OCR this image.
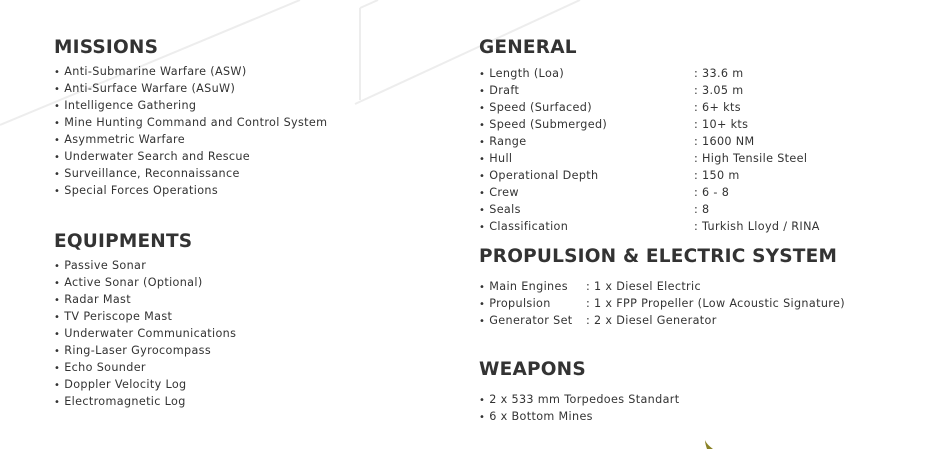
MISSIONS
• Anti-Submarine Warfare (ASW)
• Anti-Surface Warfare (ASuW)
• Intelligence Gathering
• Mine Hunting Command and Control System
• Asymmetric Warfare
• Underwater Search and Rescue
• Surveillance, Reconnaissance
• Special Forces Operations
EQUIPMENTS
• Passive Sonar
• Active Sonar (Optional)
• Radar Mast
• TV Periscope Mast
• Underwater Communications
• Ring-Laser Gyrocompass
• Echo Sounder
• Doppler Velocity Log
• Electromagnetic Log
GENERAL
• Length (Loa)	: 33.6 m
• Draft	: 3.05 m
• Speed (Surfaced)	: 6+ kts
• Speed (Submerged)	: 10+ kts
• Range	: 1600 NM
• Hull	: High Tensile Steel
• Operational Depth	: 150 m
• Crew	: 6 - 8
• Seals	: 8
• Classification	: Turkish Lloyd / RINA
PROPULSION & ELECTRIC SYSTEM
• Main Engines : 1 x Diesel Electric
• Propulsion	: 1 x FPP Propeller (Low Acoustic Signature)
• Generator Set : 2 x Diesel Generator
WEAPONS
• 2 x 533 mm Torpedoes Standart
• 6 x Bottom Mines
